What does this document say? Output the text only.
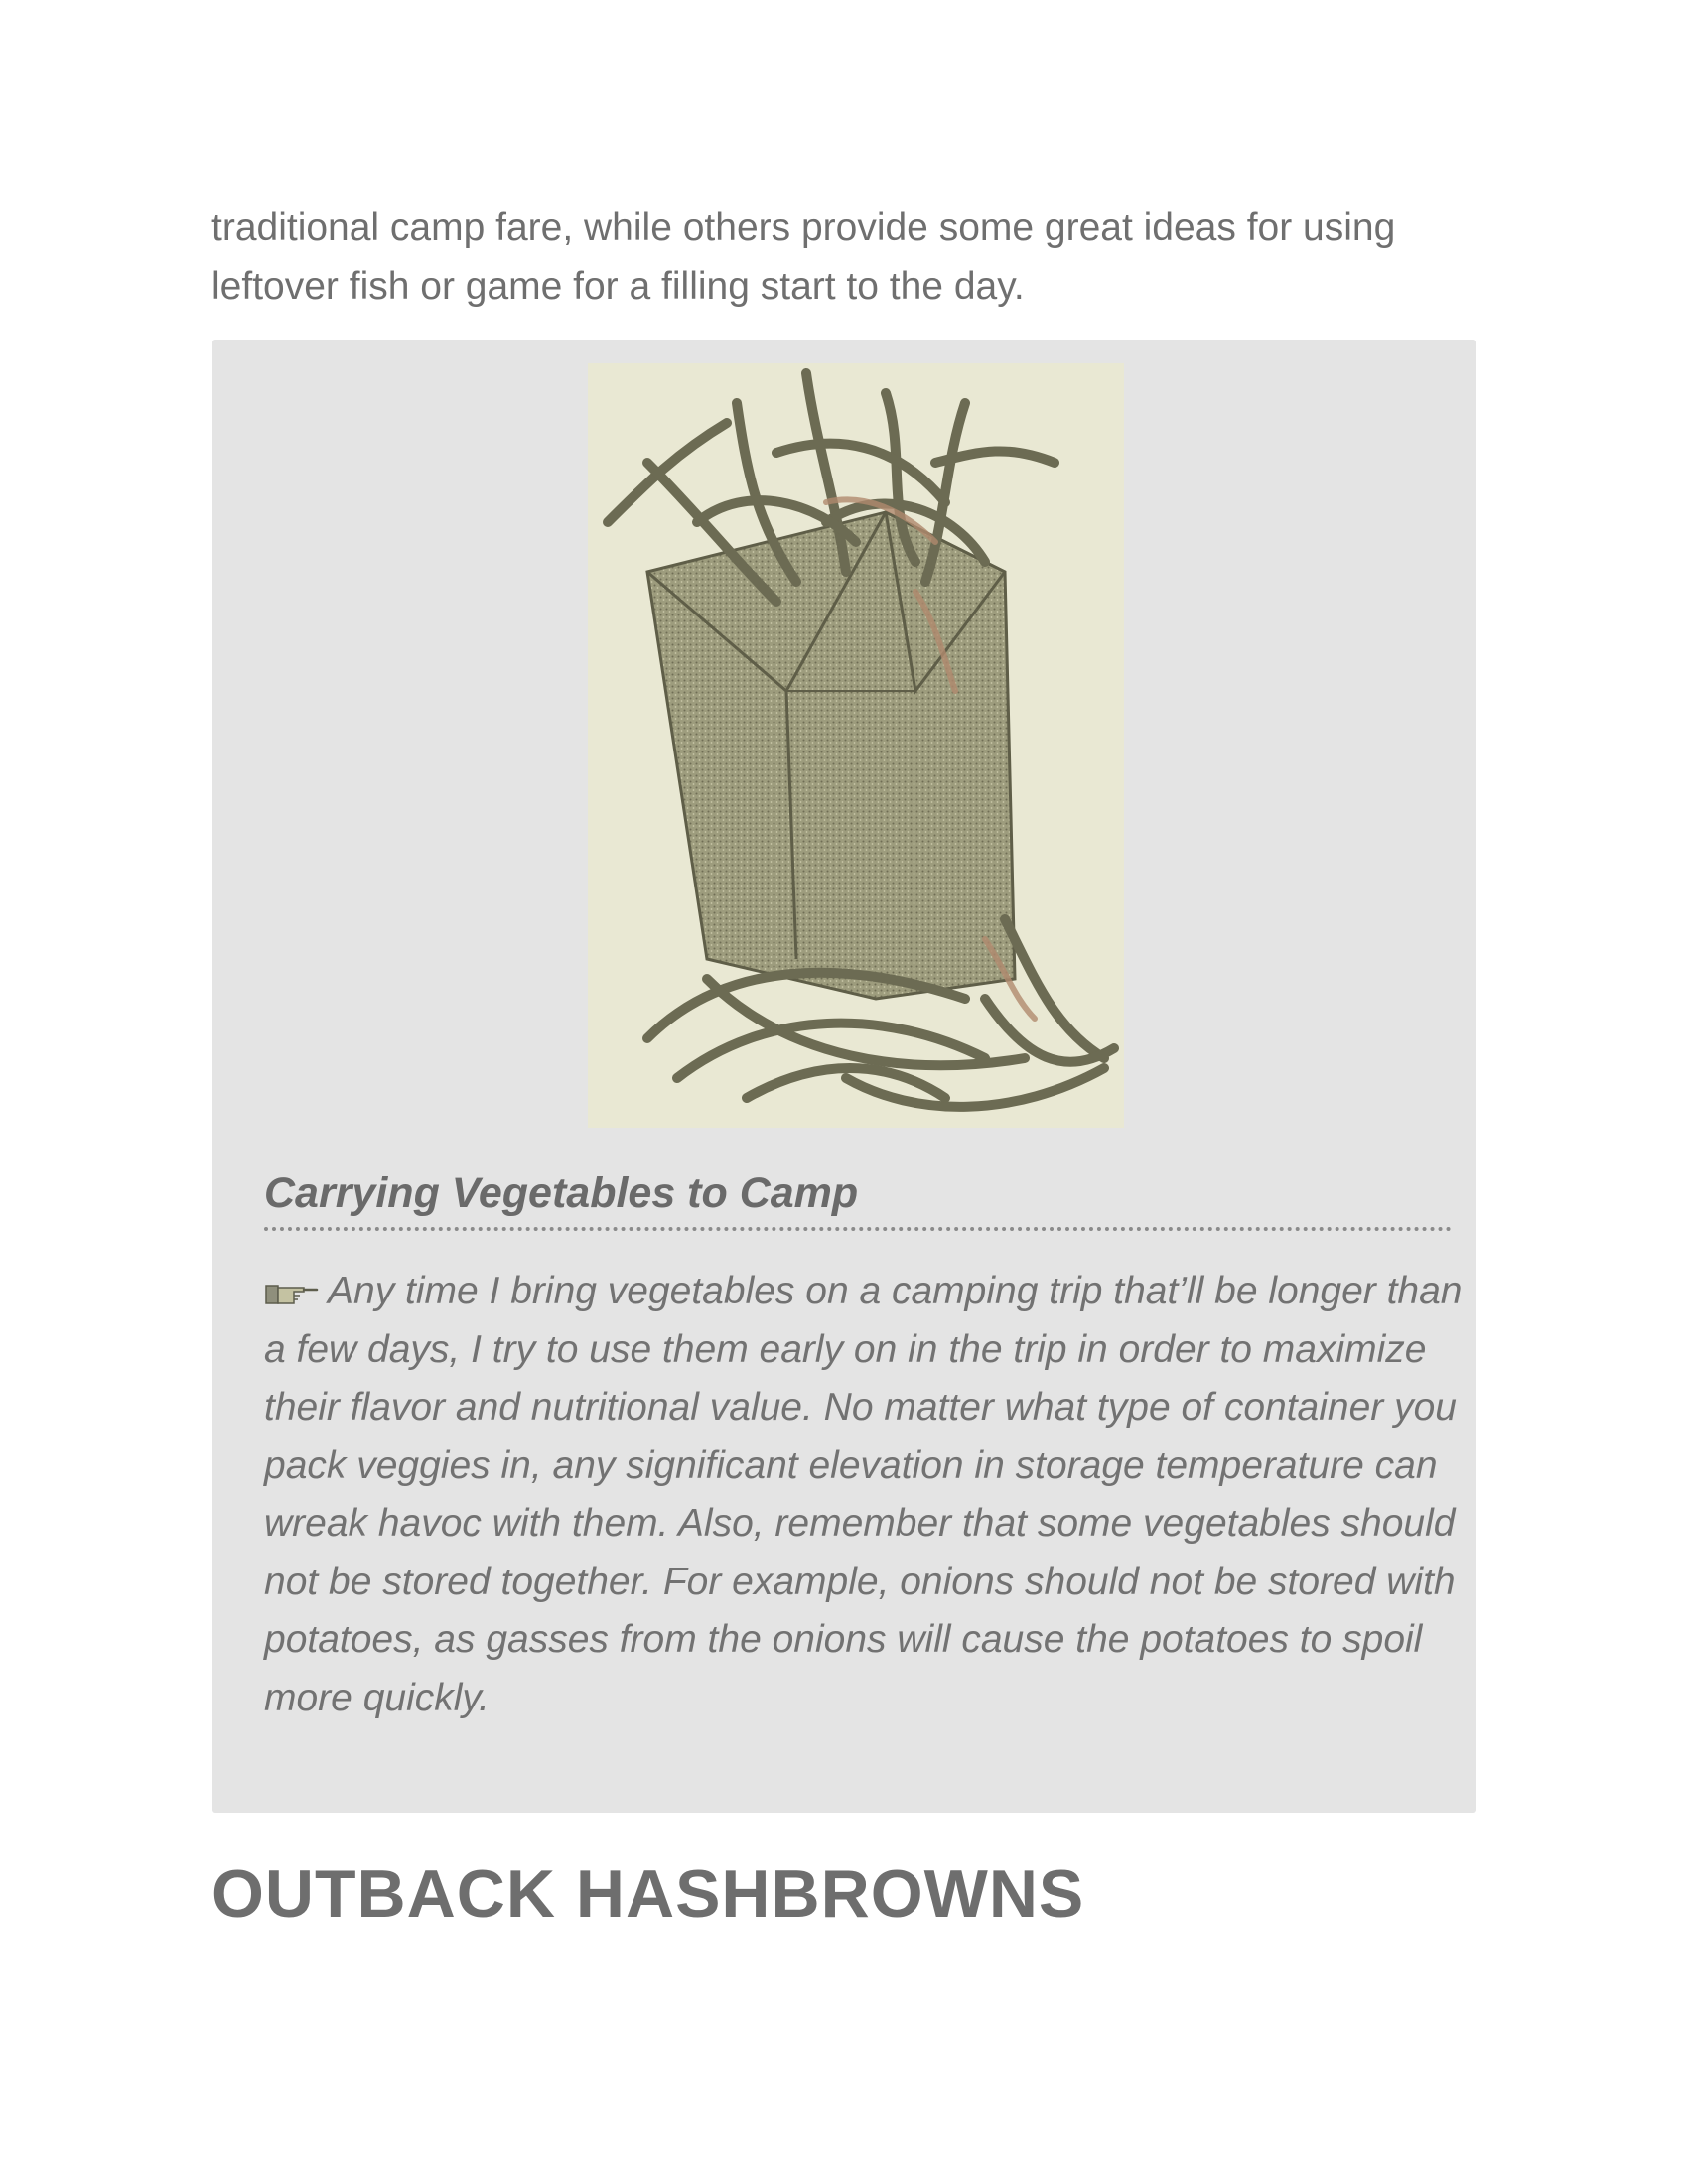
traditional camp fare, while others provide some great ideas for using leftover fish or game for a filling start to the day.

Carrying Vegetables to Camp

Any time I bring vegetables on a camping trip that’ll be longer than a few days, I try to use them early on in the trip in order to maximize their flavor and nutritional value. No matter what type of container you pack veggies in, any significant elevation in storage temperature can wreak havoc with them. Also, remember that some vegetables should not be stored together. For example, onions should not be stored with potatoes, as gasses from the onions will cause the potatoes to spoil more quickly.

OUTBACK HASHBROWNS
